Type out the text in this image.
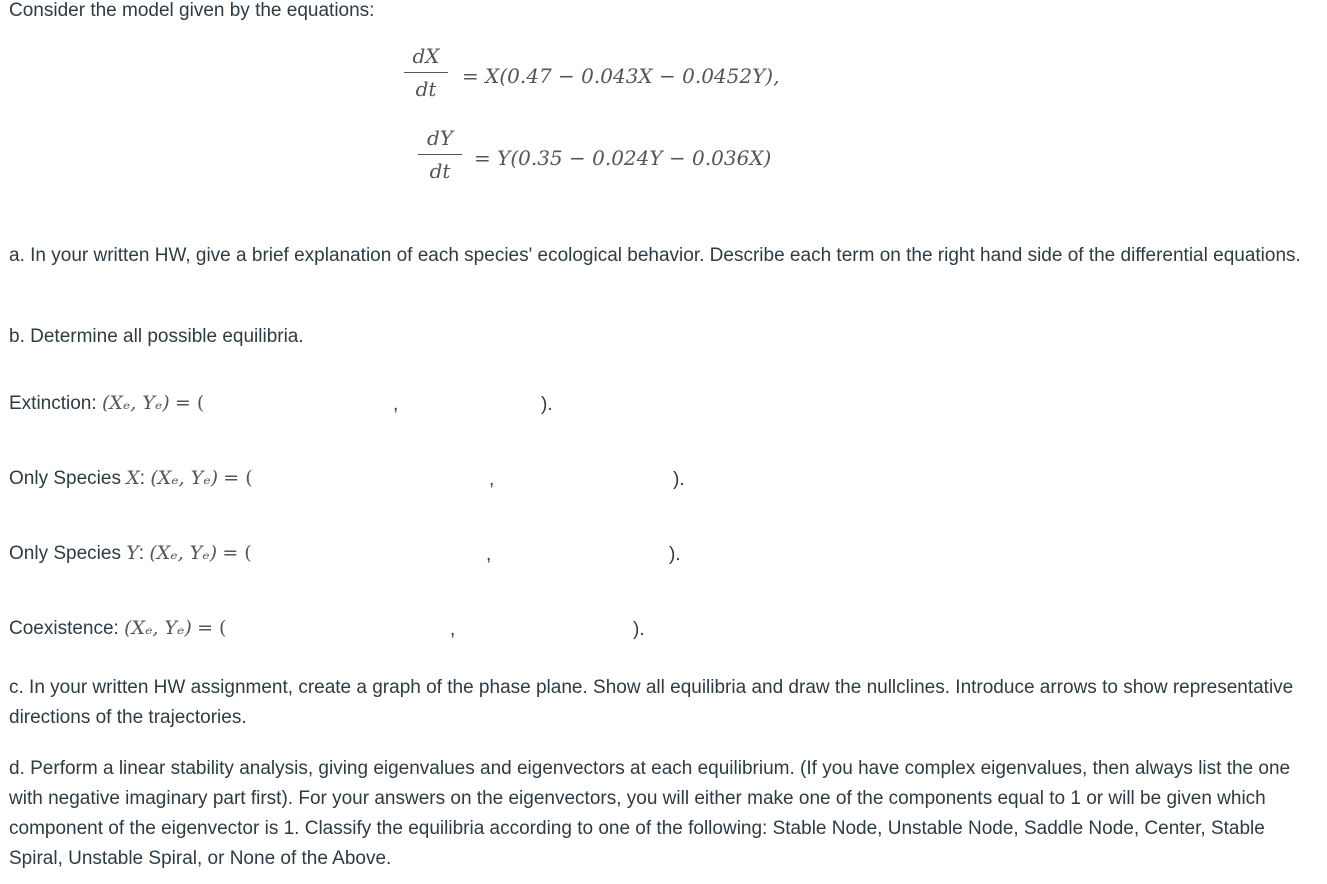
Consider the model given by the equations:
dX
dt
= X(0.47 − 0.043X − 0.0452Y),
dY
dt
= Y(0.35 − 0.024Y − 0.036X)
a. In your written HW, give a brief explanation of each species' ecological behavior. Describe each term on the right hand side of the differential equations.
b. Determine all possible equilibria.
Extinction: (Xₑ, Yₑ) = (	,	).
Only Species X: (Xₑ, Yₑ) = (	,	).
Only Species Y: (Xₑ, Yₑ) = (	,	).
Coexistence: (Xₑ, Yₑ) = (	,	).
c. In your written HW assignment, create a graph of the phase plane. Show all equilibria and draw the nullclines. Introduce arrows to show representative directions of the trajectories.
d. Perform a linear stability analysis, giving eigenvalues and eigenvectors at each equilibrium. (If you have complex eigenvalues, then always list the one with negative imaginary part first). For your answers on the eigenvectors, you will either make one of the components equal to 1 or will be given which component of the eigenvector is 1. Classify the equilibria according to one of the following: Stable Node, Unstable Node, Saddle Node, Center, Stable Spiral, Unstable Spiral, or None of the Above.
